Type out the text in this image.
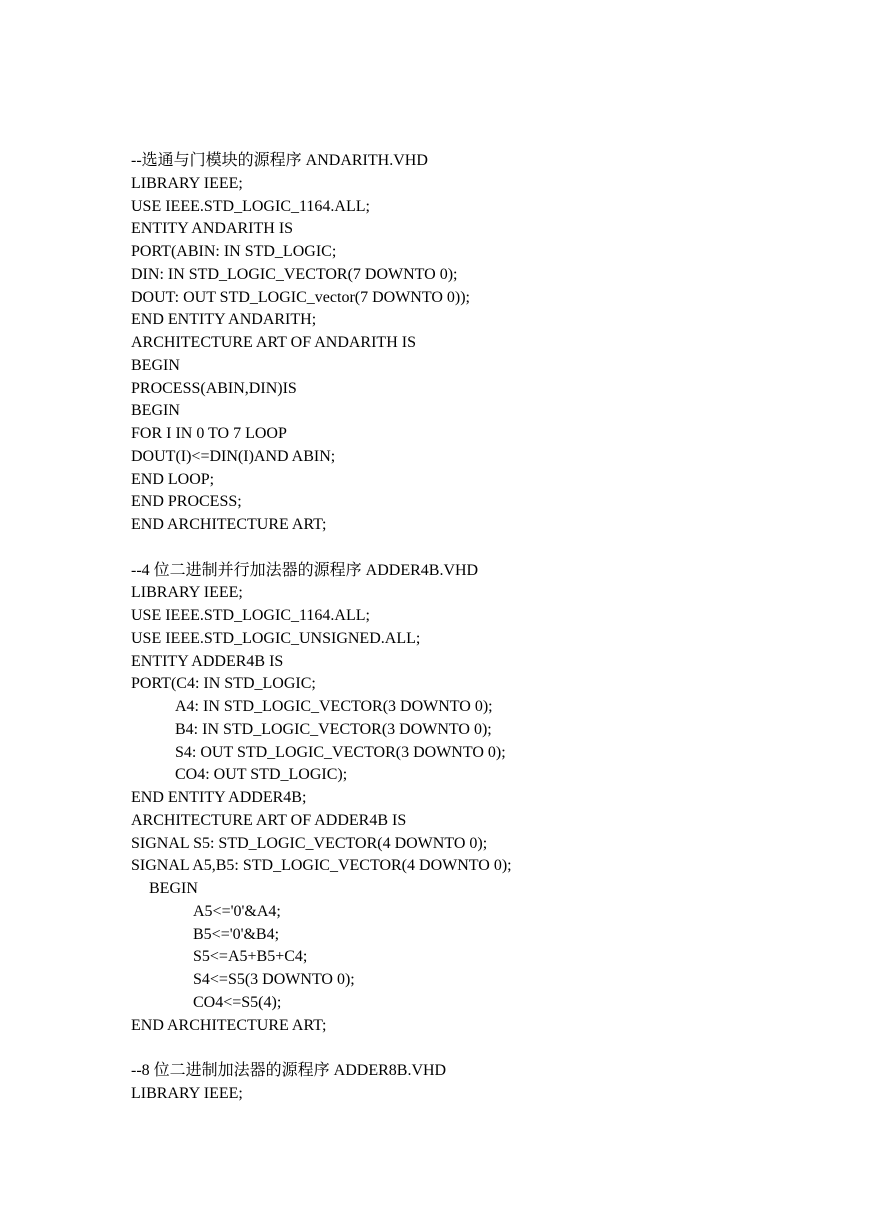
--选通与门模块的源程序 ANDARITH.VHD
LIBRARY IEEE;
USE IEEE.STD_LOGIC_1164.ALL;
ENTITY ANDARITH IS
PORT(ABIN: IN STD_LOGIC;
DIN: IN STD_LOGIC_VECTOR(7 DOWNTO 0);
DOUT: OUT STD_LOGIC_vector(7 DOWNTO 0));
END ENTITY ANDARITH;
ARCHITECTURE ART OF ANDARITH IS
BEGIN
PROCESS(ABIN,DIN)IS
BEGIN
FOR I IN 0 TO 7 LOOP
DOUT(I)<=DIN(I)AND ABIN;
END LOOP;
END PROCESS;
END ARCHITECTURE ART;
--4 位二进制并行加法器的源程序 ADDER4B.VHD
LIBRARY IEEE;
USE IEEE.STD_LOGIC_1164.ALL;
USE IEEE.STD_LOGIC_UNSIGNED.ALL;
ENTITY ADDER4B IS
PORT(C4: IN STD_LOGIC;
A4: IN STD_LOGIC_VECTOR(3 DOWNTO 0);
B4: IN STD_LOGIC_VECTOR(3 DOWNTO 0);
S4: OUT STD_LOGIC_VECTOR(3 DOWNTO 0);
CO4: OUT STD_LOGIC);
END ENTITY ADDER4B;
ARCHITECTURE ART OF ADDER4B IS
SIGNAL S5: STD_LOGIC_VECTOR(4 DOWNTO 0);
SIGNAL A5,B5: STD_LOGIC_VECTOR(4 DOWNTO 0);
BEGIN
A5<='0'&A4;
B5<='0'&B4;
S5<=A5+B5+C4;
S4<=S5(3 DOWNTO 0);
CO4<=S5(4);
END ARCHITECTURE ART;
--8 位二进制加法器的源程序 ADDER8B.VHD
LIBRARY IEEE;
